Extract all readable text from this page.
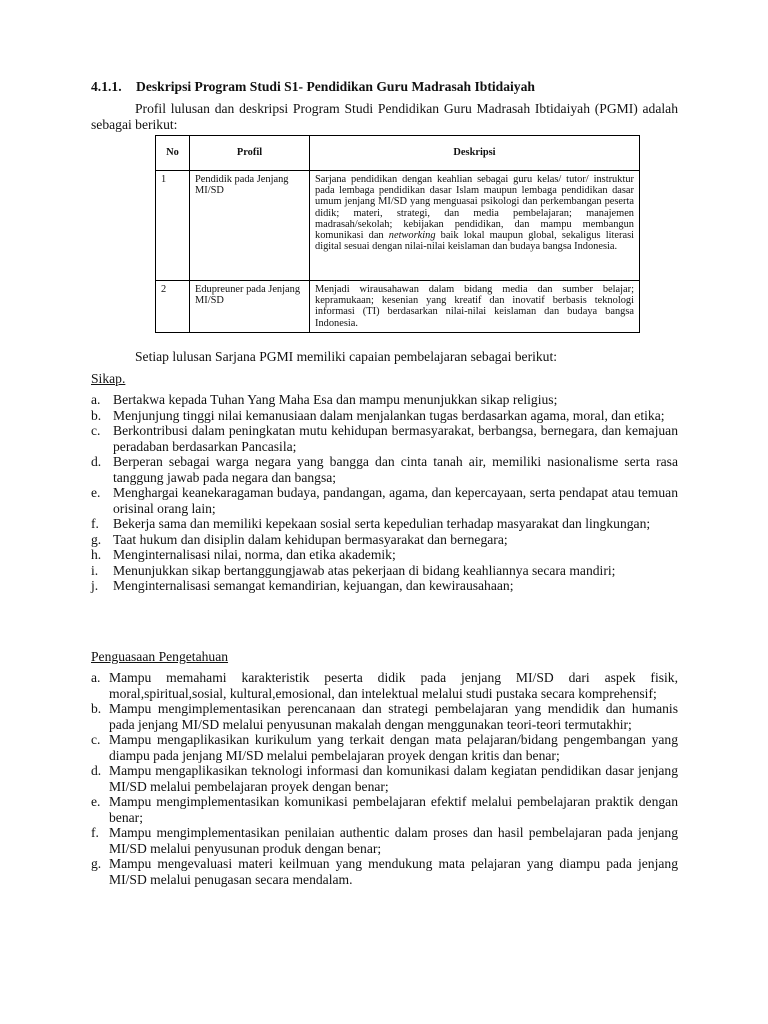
4.1.1. Deskripsi Program Studi S1- Pendidikan Guru Madrasah Ibtidaiyah

Profil lulusan dan deskripsi Program Studi Pendidikan Guru Madrasah Ibtidaiyah (PGMI) adalah sebagai berikut:

No	Profil	Deskripsi
1	Pendidik pada Jenjang MI/SD	Sarjana pendidikan dengan keahlian sebagai guru kelas/ tutor/ instruktur pada lembaga pendidikan dasar Islam maupun lembaga pendidikan dasar umum jenjang MI/SD yang menguasai psikologi dan perkembangan peserta didik; materi, strategi, dan media pembelajaran; manajemen madrasah/sekolah; kebijakan pendidikan, dan mampu membangun komunikasi dan networking baik lokal maupun global, sekaligus literasi digital sesuai dengan nilai-nilai keislaman dan budaya bangsa Indonesia.
2	Edupreuner pada Jenjang MI/SD	Menjadi wirausahawan dalam bidang media dan sumber belajar; kepramukaan; kesenian yang kreatif dan inovatif berbasis teknologi informasi (TI) berdasarkan nilai-nilai keislaman dan budaya bangsa Indonesia.
Setiap lulusan Sarjana PGMI memiliki capaian pembelajaran sebagai berikut:
Sikap.
a. Bertakwa kepada Tuhan Yang Maha Esa dan mampu menunjukkan sikap religius;
b. Menjunjung tinggi nilai kemanusiaan dalam menjalankan tugas berdasarkan agama, moral, dan etika;
c. Berkontribusi dalam peningkatan mutu kehidupan bermasyarakat, berbangsa, bernegara, dan kemajuan peradaban berdasarkan Pancasila;
d. Berperan sebagai warga negara yang bangga dan cinta tanah air, memiliki nasionalisme serta rasa tanggung jawab pada negara dan bangsa;
e. Menghargai keanekaragaman budaya, pandangan, agama, dan kepercayaan, serta pendapat atau temuan orisinal orang lain;
f. Bekerja sama dan memiliki kepekaan sosial serta kepedulian terhadap masyarakat dan lingkungan;
g. Taat hukum dan disiplin dalam kehidupan bermasyarakat dan bernegara;
h. Menginternalisasi nilai, norma, dan etika akademik;
i. Menunjukkan sikap bertanggungjawab atas pekerjaan di bidang keahliannya secara mandiri;
j. Menginternalisasi semangat kemandirian, kejuangan, dan kewirausahaan;
Penguasaan Pengetahuan
a. Mampu memahami karakteristik peserta didik pada jenjang MI/SD dari aspek fisik, moral,spiritual,sosial, kultural,emosional, dan intelektual melalui studi pustaka secara komprehensif;
b. Mampu mengimplementasikan perencanaan dan strategi pembelajaran yang mendidik dan humanis pada jenjang MI/SD melalui penyusunan makalah dengan menggunakan teori-teori termutakhir;
c. Mampu mengaplikasikan kurikulum yang terkait dengan mata pelajaran/bidang pengembangan yang diampu pada jenjang MI/SD melalui pembelajaran proyek dengan kritis dan benar;
d. Mampu mengaplikasikan teknologi informasi dan komunikasi dalam kegiatan pendidikan dasar jenjang MI/SD melalui pembelajaran proyek dengan benar;
e. Mampu mengimplementasikan komunikasi pembelajaran efektif melalui pembelajaran praktik dengan benar;
f. Mampu mengimplementasikan penilaian authentic dalam proses dan hasil pembelajaran pada jenjang MI/SD melalui penyusunan produk dengan benar;
g. Mampu mengevaluasi materi keilmuan yang mendukung mata pelajaran yang diampu pada jenjang MI/SD melalui penugasan secara mendalam.
